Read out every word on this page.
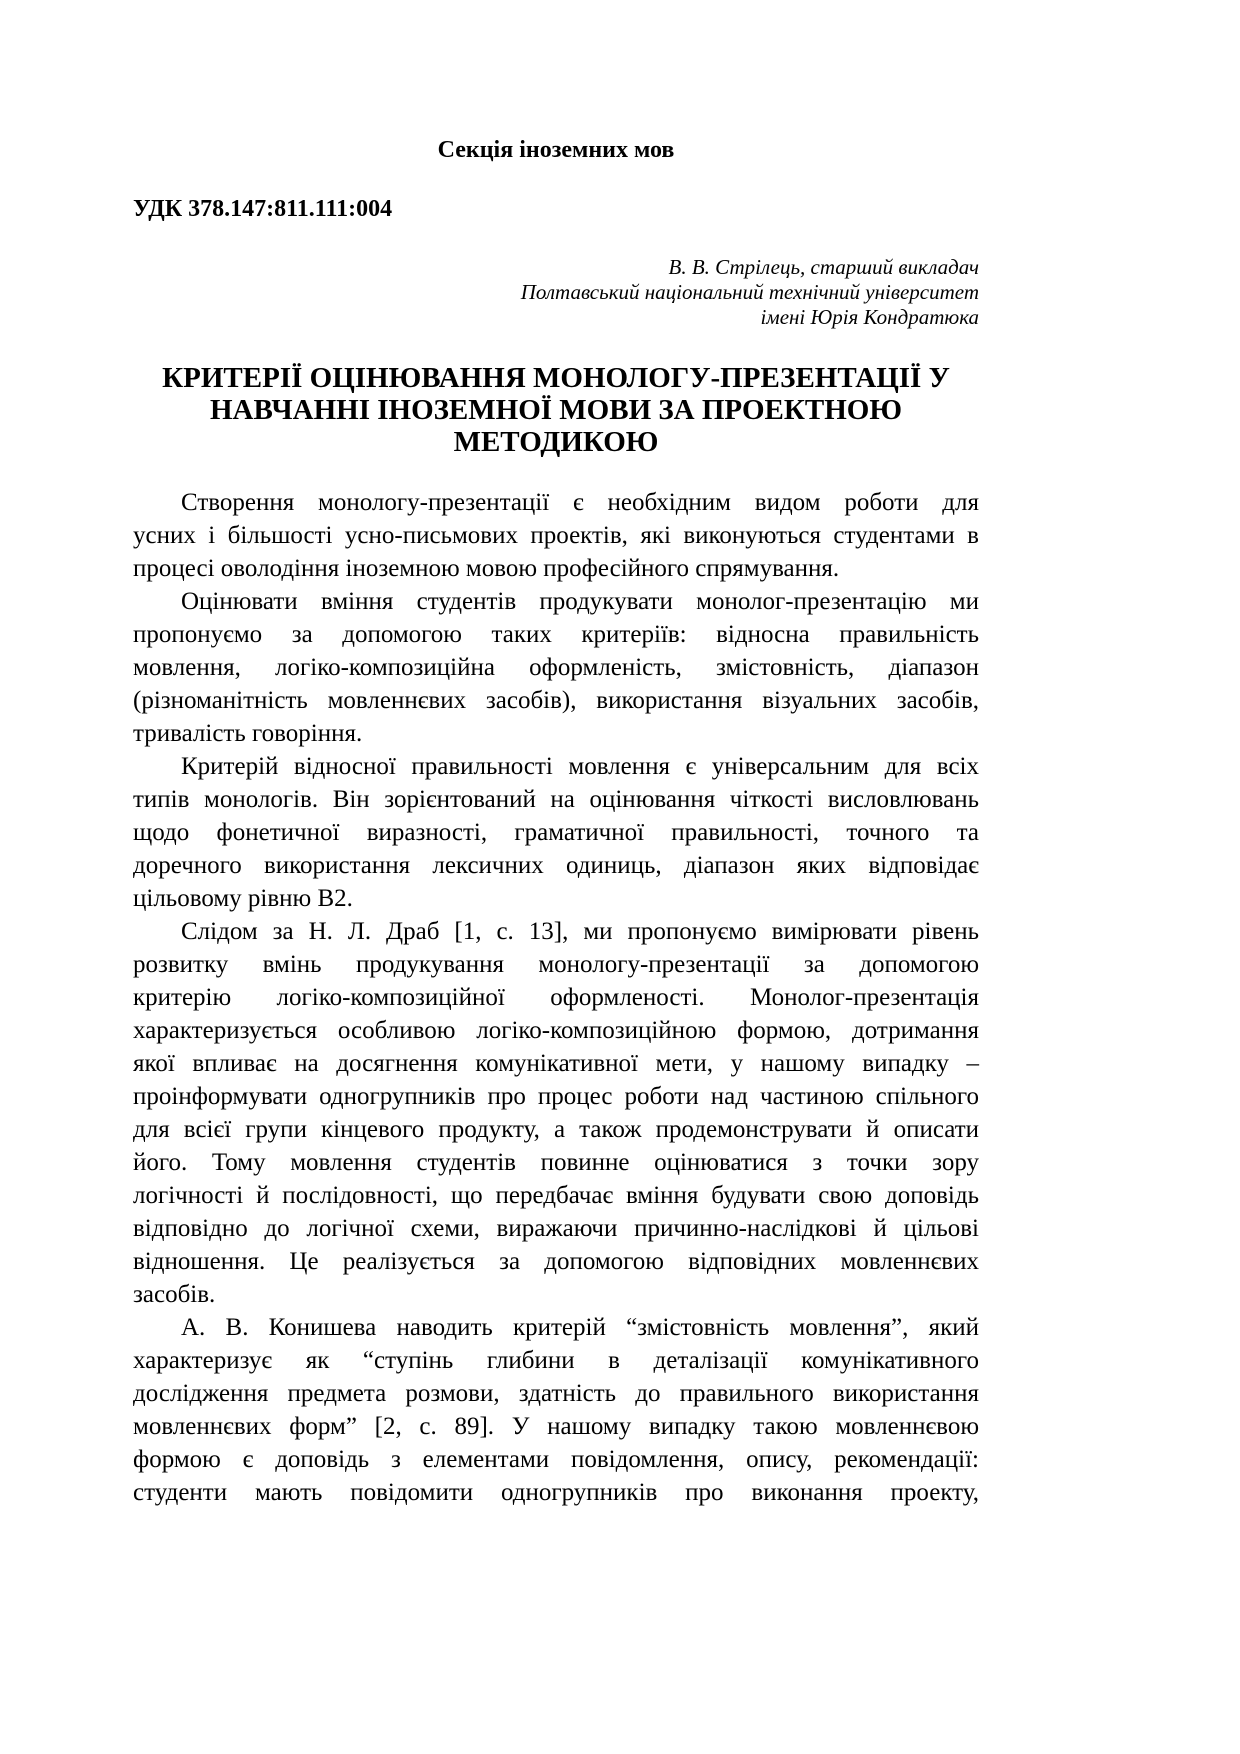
Секція іноземних мов
УДК 378.147:811.111:004
В. В. Стрілець, старший викладач
Полтавський національний технічний університет
імені Юрія Кондратюка
КРИТЕРІЇ ОЦІНЮВАННЯ МОНОЛОГУ-ПРЕЗЕНТАЦІЇ У
НАВЧАННІ ІНОЗЕМНОЇ МОВИ ЗА ПРОЕКТНОЮ
МЕТОДИКОЮ
Створення монологу-презентації є необхідним видом роботи для
усних і більшості усно-письмових проектів, які виконуються студентами в
процесі оволодіння іноземною мовою професійного спрямування.
Оцінювати вміння студентів продукувати монолог-презентацію ми
пропонуємо за допомогою таких критеріїв: відносна правильність
мовлення, логіко-композиційна оформленість, змістовність, діапазон
(різноманітність мовленнєвих засобів), використання візуальних засобів,
тривалість говоріння.
Критерій відносної правильності мовлення є універсальним для всіх
типів монологів. Він зорієнтований на оцінювання чіткості висловлювань
щодо фонетичної виразності, граматичної правильності, точного та
доречного використання лексичних одиниць, діапазон яких відповідає
цільовому рівню В2.
Слідом за Н. Л. Драб [1, с. 13], ми пропонуємо вимірювати рівень
розвитку вмінь продукування монологу-презентації за допомогою
критерію логіко-композиційної оформленості. Монолог-презентація
характеризується особливою логіко-композиційною формою, дотримання
якої впливає на досягнення комунікативної мети, у нашому випадку –
проінформувати одногрупників про процес роботи над частиною спільного
для всієї групи кінцевого продукту, а також продемонструвати й описати
його. Тому мовлення студентів повинне оцінюватися з точки зору
логічності й послідовності, що передбачає вміння будувати свою доповідь
відповідно до логічної схеми, виражаючи причинно-наслідкові й цільові
відношення. Це реалізується за допомогою відповідних мовленнєвих
засобів.
А. В. Конишева наводить критерій “змістовність мовлення”, який
характеризує як “ступінь глибини в деталізації комунікативного
дослідження предмета розмови, здатність до правильного використання
мовленнєвих форм” [2, с. 89]. У нашому випадку такою мовленнєвою
формою є доповідь з елементами повідомлення, опису, рекомендації:
студенти мають повідомити одногрупників про виконання проекту,
